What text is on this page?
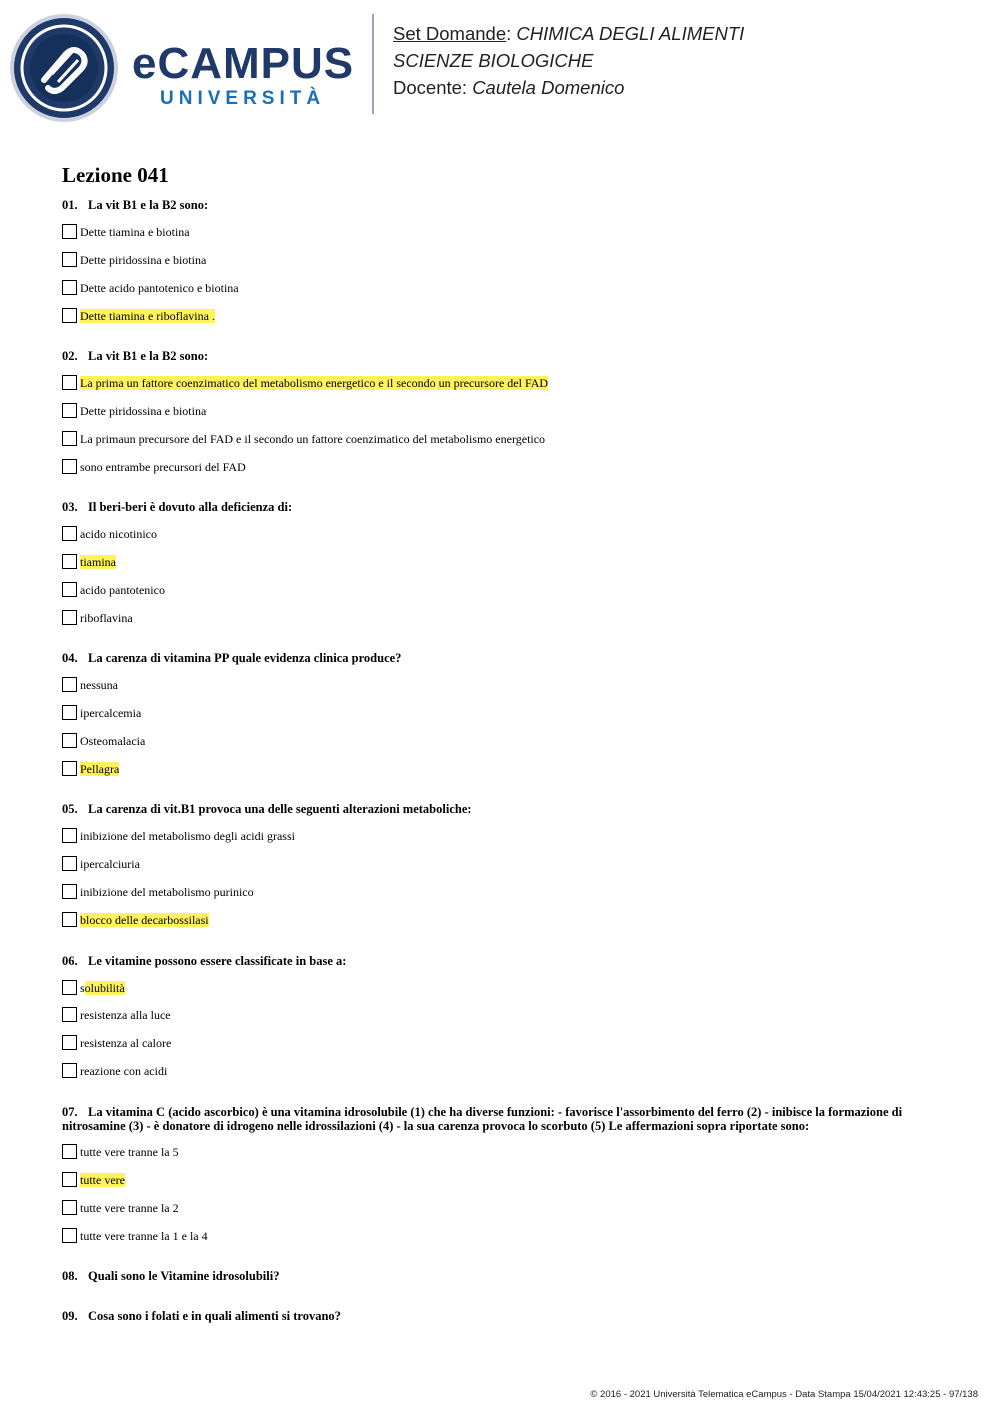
eCAMPUS
UNIVERSITÀ
Set Domande: CHIMICA DEGLI ALIMENTI
SCIENZE BIOLOGICHE
Docente: Cautela Domenico
Lezione 041
01. La vit B1 e la B2 sono:
Dette tiamina e biotina
Dette piridossina e biotina
Dette acido pantotenico e biotina
Dette tiamina e riboflavina .
02. La vit B1 e la B2 sono:
La prima un fattore coenzimatico del metabolismo energetico e il secondo un precursore del FAD
Dette piridossina e biotina
La primaun precursore del FAD e il secondo un fattore coenzimatico del metabolismo energetico
sono entrambe precursori del FAD
03. Il beri-beri è dovuto alla deficienza di:
acido nicotinico
tiamina
acido pantotenico
riboflavina
04. La carenza di vitamina PP quale evidenza clinica produce?
nessuna
ipercalcemia
Osteomalacia
Pellagra
05. La carenza di vit.B1 provoca una delle seguenti alterazioni metaboliche:
inibizione del metabolismo degli acidi grassi
ipercalciuria
inibizione del metabolismo purinico
blocco delle decarbossilasi
06. Le vitamine possono essere classificate in base a:
solubilità
resistenza alla luce
resistenza al calore
reazione con acidi
07. La vitamina C (acido ascorbico) è una vitamina idrosolubile (1) che ha diverse funzioni: - favorisce l'assorbimento del ferro (2) - inibisce la formazione di nitrosamine (3) - è donatore di idrogeno nelle idrossilazioni (4) - la sua carenza provoca lo scorbuto (5) Le affermazioni sopra riportate sono:
tutte vere tranne la 5
tutte vere
tutte vere tranne la 2
tutte vere tranne la 1 e la 4
08. Quali sono le Vitamine idrosolubili?
09. Cosa sono i folati e in quali alimenti si trovano?
© 2016 - 2021 Università Telematica eCampus - Data Stampa 15/04/2021 12:43:25 - 97/138
